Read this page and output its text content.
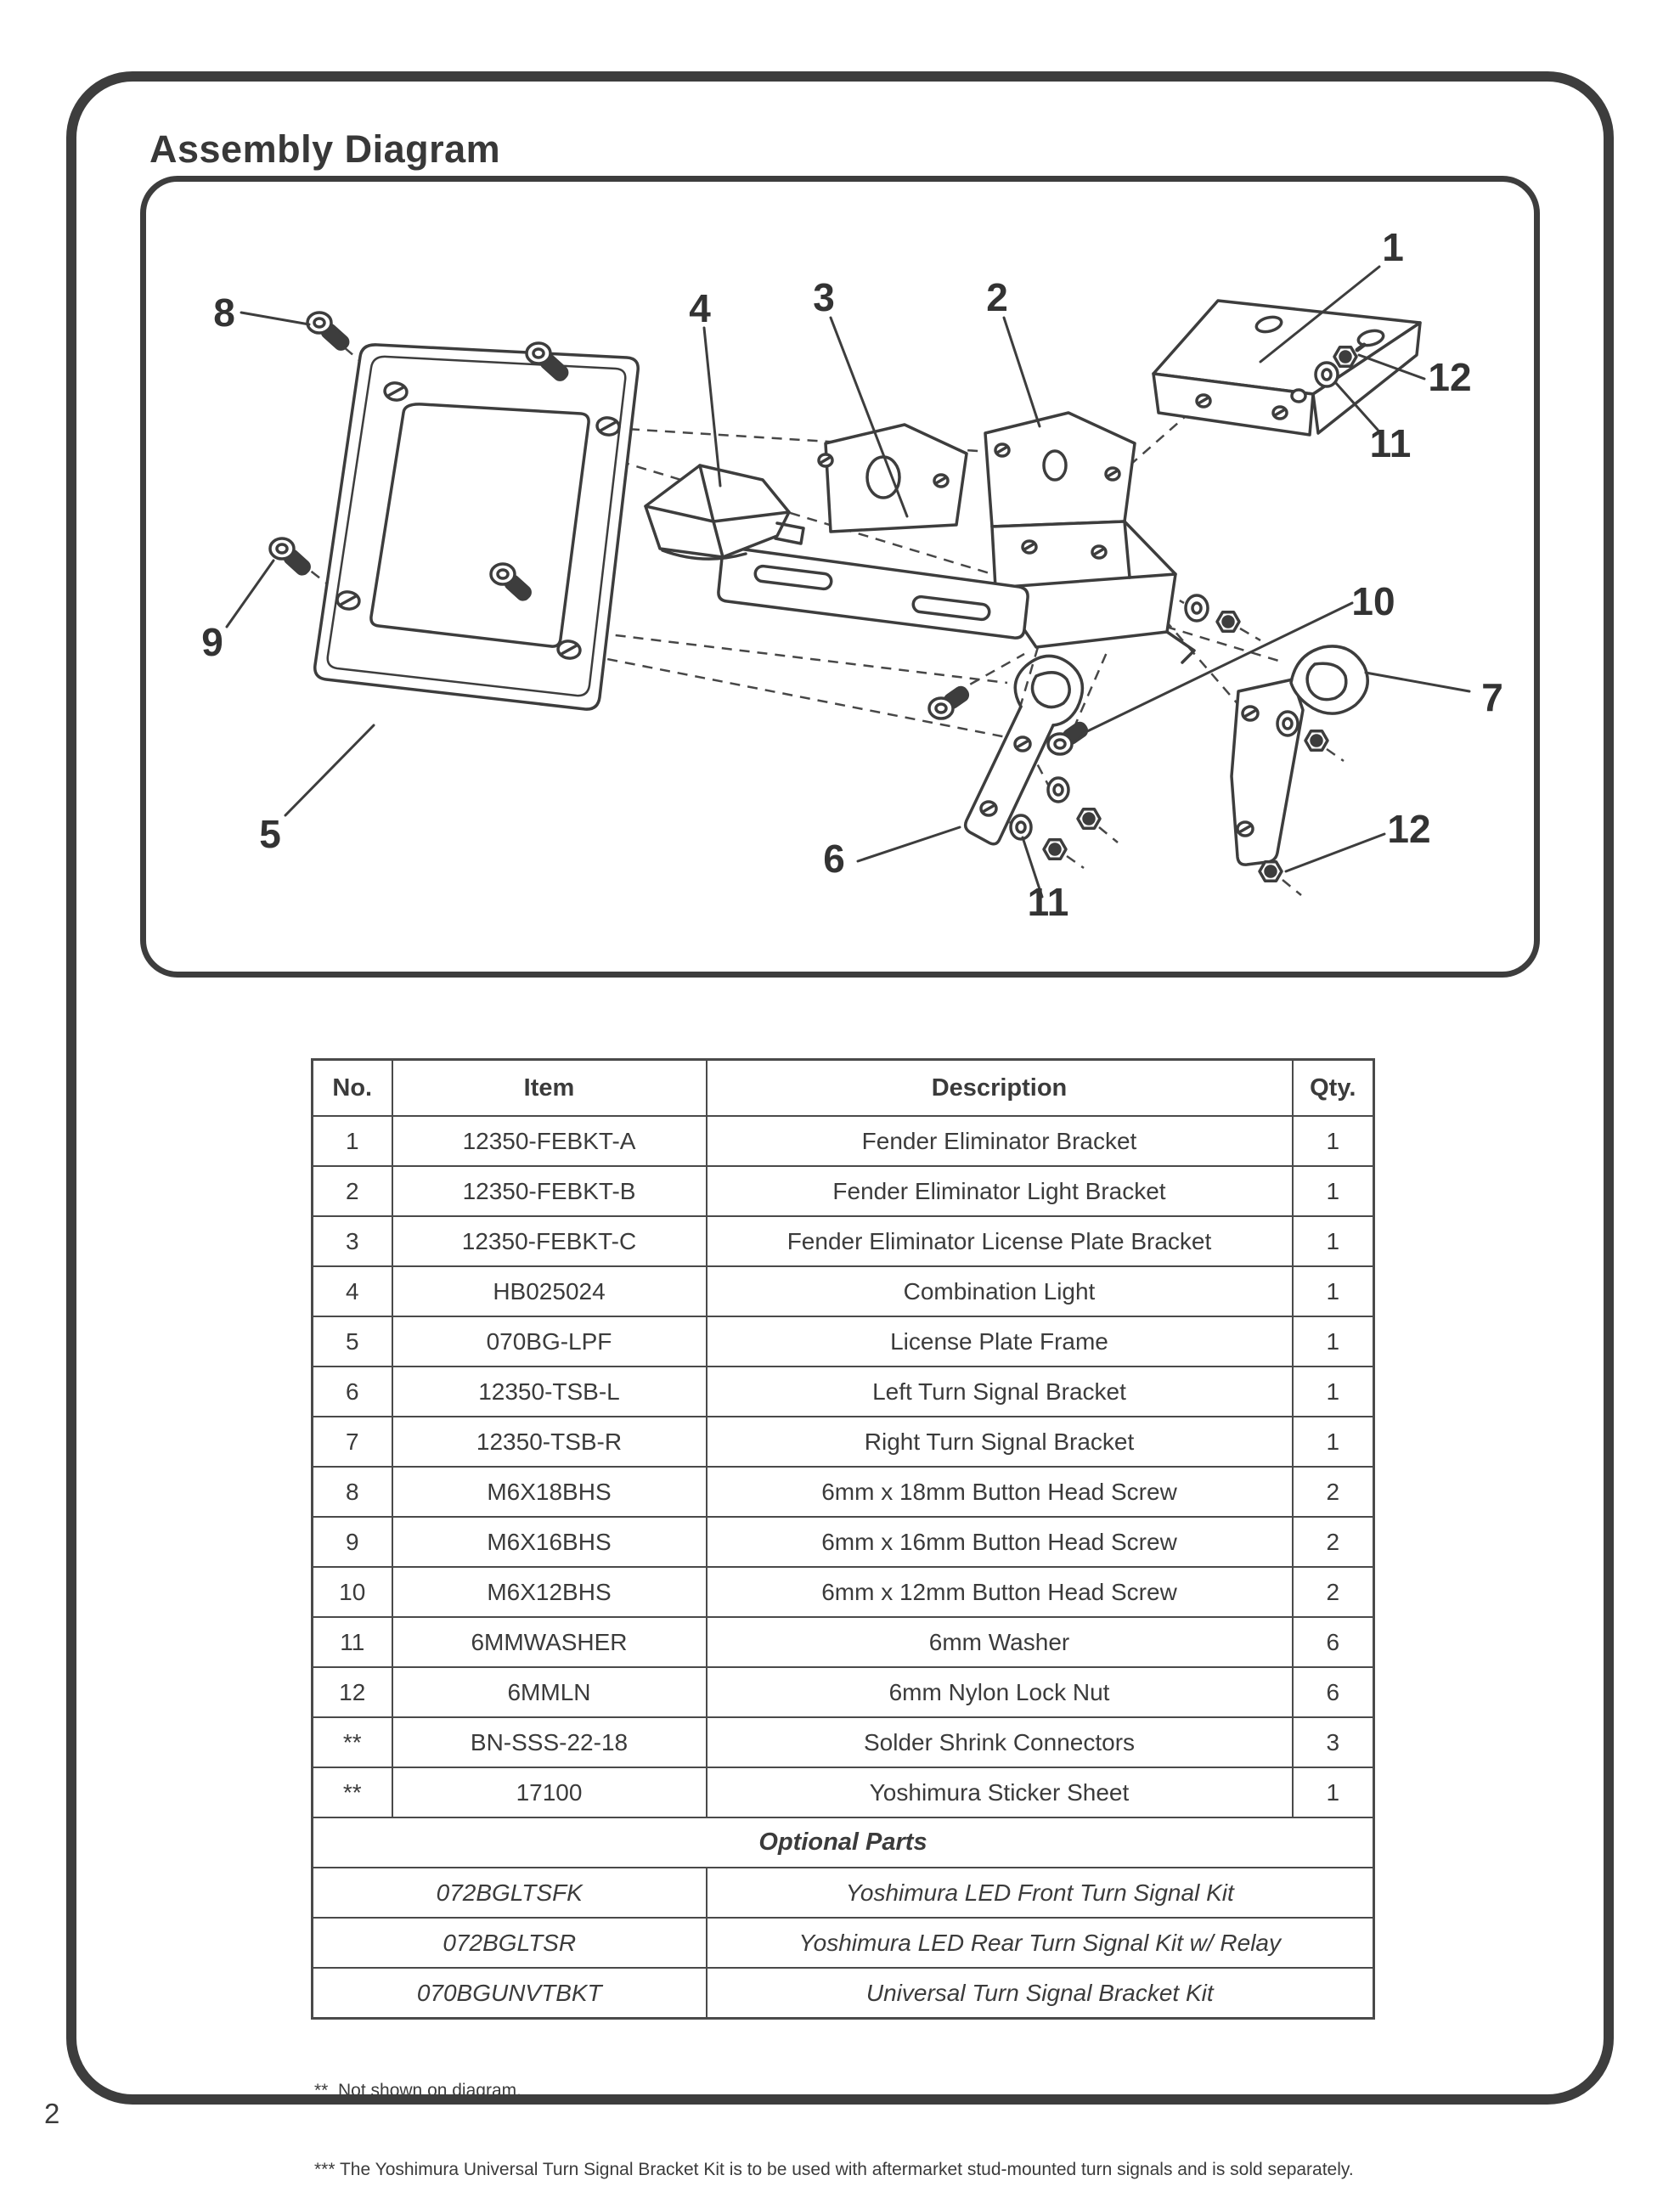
Assembly Diagram
1
2
3
4
5
6
7
8
9
10
11
12
11
12
No.	Item	Description	Qty.
1	12350-FEBKT-A	Fender Eliminator Bracket	1
2	12350-FEBKT-B	Fender Eliminator Light Bracket	1
3	12350-FEBKT-C	Fender Eliminator License Plate Bracket	1
4	HB025024	Combination Light	1
5	070BG-LPF	License Plate Frame	1
6	12350-TSB-L	Left Turn Signal Bracket	1
7	12350-TSB-R	Right Turn Signal Bracket	1
8	M6X18BHS	6mm x 18mm Button Head Screw	2
9	M6X16BHS	6mm x 16mm Button Head Screw	2
10	M6X12BHS	6mm x 12mm Button Head Screw	2
11	6MMWASHER	6mm Washer	6
12	6MMLN	6mm Nylon Lock Nut	6
**	BN-SSS-22-18	Solder Shrink Connectors	3
**	17100	Yoshimura Sticker Sheet	1
Optional Parts			
072BGLTSFK		Yoshimura LED Front Turn Signal Kit	
072BGLTSR		Yoshimura LED Rear Turn Signal Kit w/ Relay	
070BGUNVTBKT		Universal Turn Signal Bracket Kit	

**  Not shown on diagram.

*** The Yoshimura Universal Turn Signal Bracket Kit is to be used with aftermarket stud-mounted turn signals and is sold separately.

2
